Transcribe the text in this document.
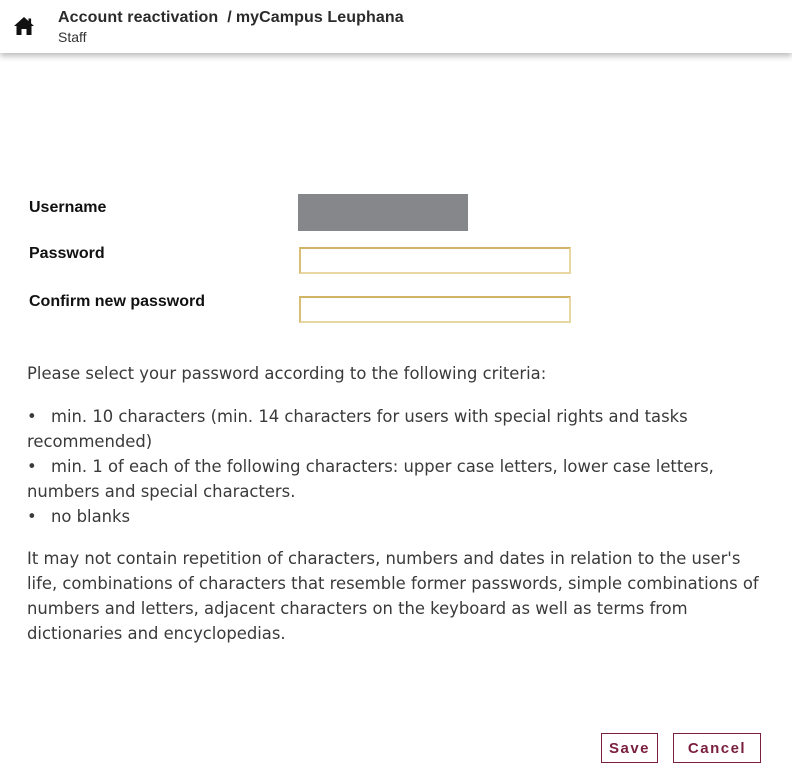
Account reactivation / myCampus Leuphana
Staff
Username
Password
Confirm new password
Please select your password according to the following criteria:
• min. 10 characters (min. 14 characters for users with special rights and tasks recommended)
• min. 1 of each of the following characters: upper case letters, lower case letters, numbers and special characters.
• no blanks
It may not contain repetition of characters, numbers and dates in relation to the user's life, combinations of characters that resemble former passwords, simple combinations of numbers and letters, adjacent characters on the keyboard as well as terms from dictionaries and encyclopedias.
Save	Cancel
